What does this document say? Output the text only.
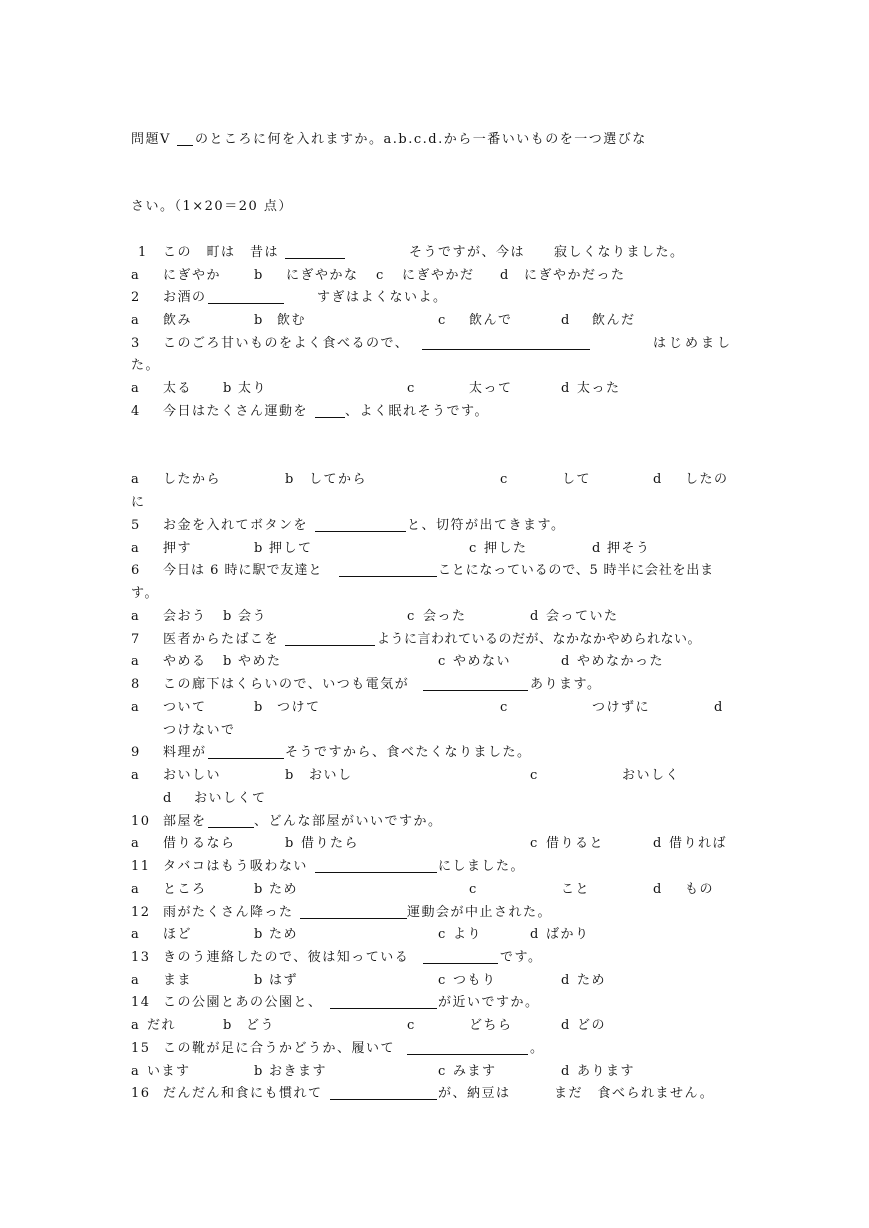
問題Ⅴ のところに何を入れますか。a.b.c.d.から一番いいものを一つ選びな
さい。（1×20＝20 点）
1 この　町は　昔は	そうですが、今は　　寂しくなりました。
a にぎやか	b にぎやかな c にぎやかだ d にぎやかだった
2 お酒の	すぎはよくないよ。
a 飲み	b 飲む	c 飲んで	d 飲んだ
3 このごろ甘いものをよく食べるので、	はじめまし
た。
a 太る b 太り	c	太って	d 太った
4 今日はたくさん運動を	、よく眠れそうです。
a したから	b してから	c	して	d したの
に
5 お金を入れてボタンを	と、切符が出てきます。
a 押す	b 押して	c 押した	d 押そう
6 今日は 6 時に駅で友達と	ことになっているので、5 時半に会社を出ま
す。
a 会おう b 会う	c 会った	d 会っていた
7 医者からたばこを	ように言われているのだが、なかなかやめられない。
a やめる b やめた	c やめない	d やめなかった
8 この廊下はくらいので、いつも電気が	あります。
a ついて	b つけて	c	つけずに	d
つけないで
9 料理が	そうですから、食べたくなりました。
a おいしい	b おいし	c	おいしく
d おいしくて
10 部屋を	、どんな部屋がいいですか。
a 借りるなら	b 借りたら	c 借りると	d 借りれば
11 タバコはもう吸わない	にしました。
a ところ	b ため	c	こと	d もの
12 雨がたくさん降った	運動会が中止された。
a ほど	b ため	c より	d ばかり
13 きのう連絡したので、彼は知っている	です。
a まま	b はず	c つもり	d ため
14 この公園とあの公園と、	が近いですか。
a だれ	b どう	c	どちら	d どの
15 この靴が足に合うかどうか、履いて	。
a います	b おきます	c みます	d あります
16 だんだん和食にも慣れて	が、納豆は　　　まだ　食べられません。
